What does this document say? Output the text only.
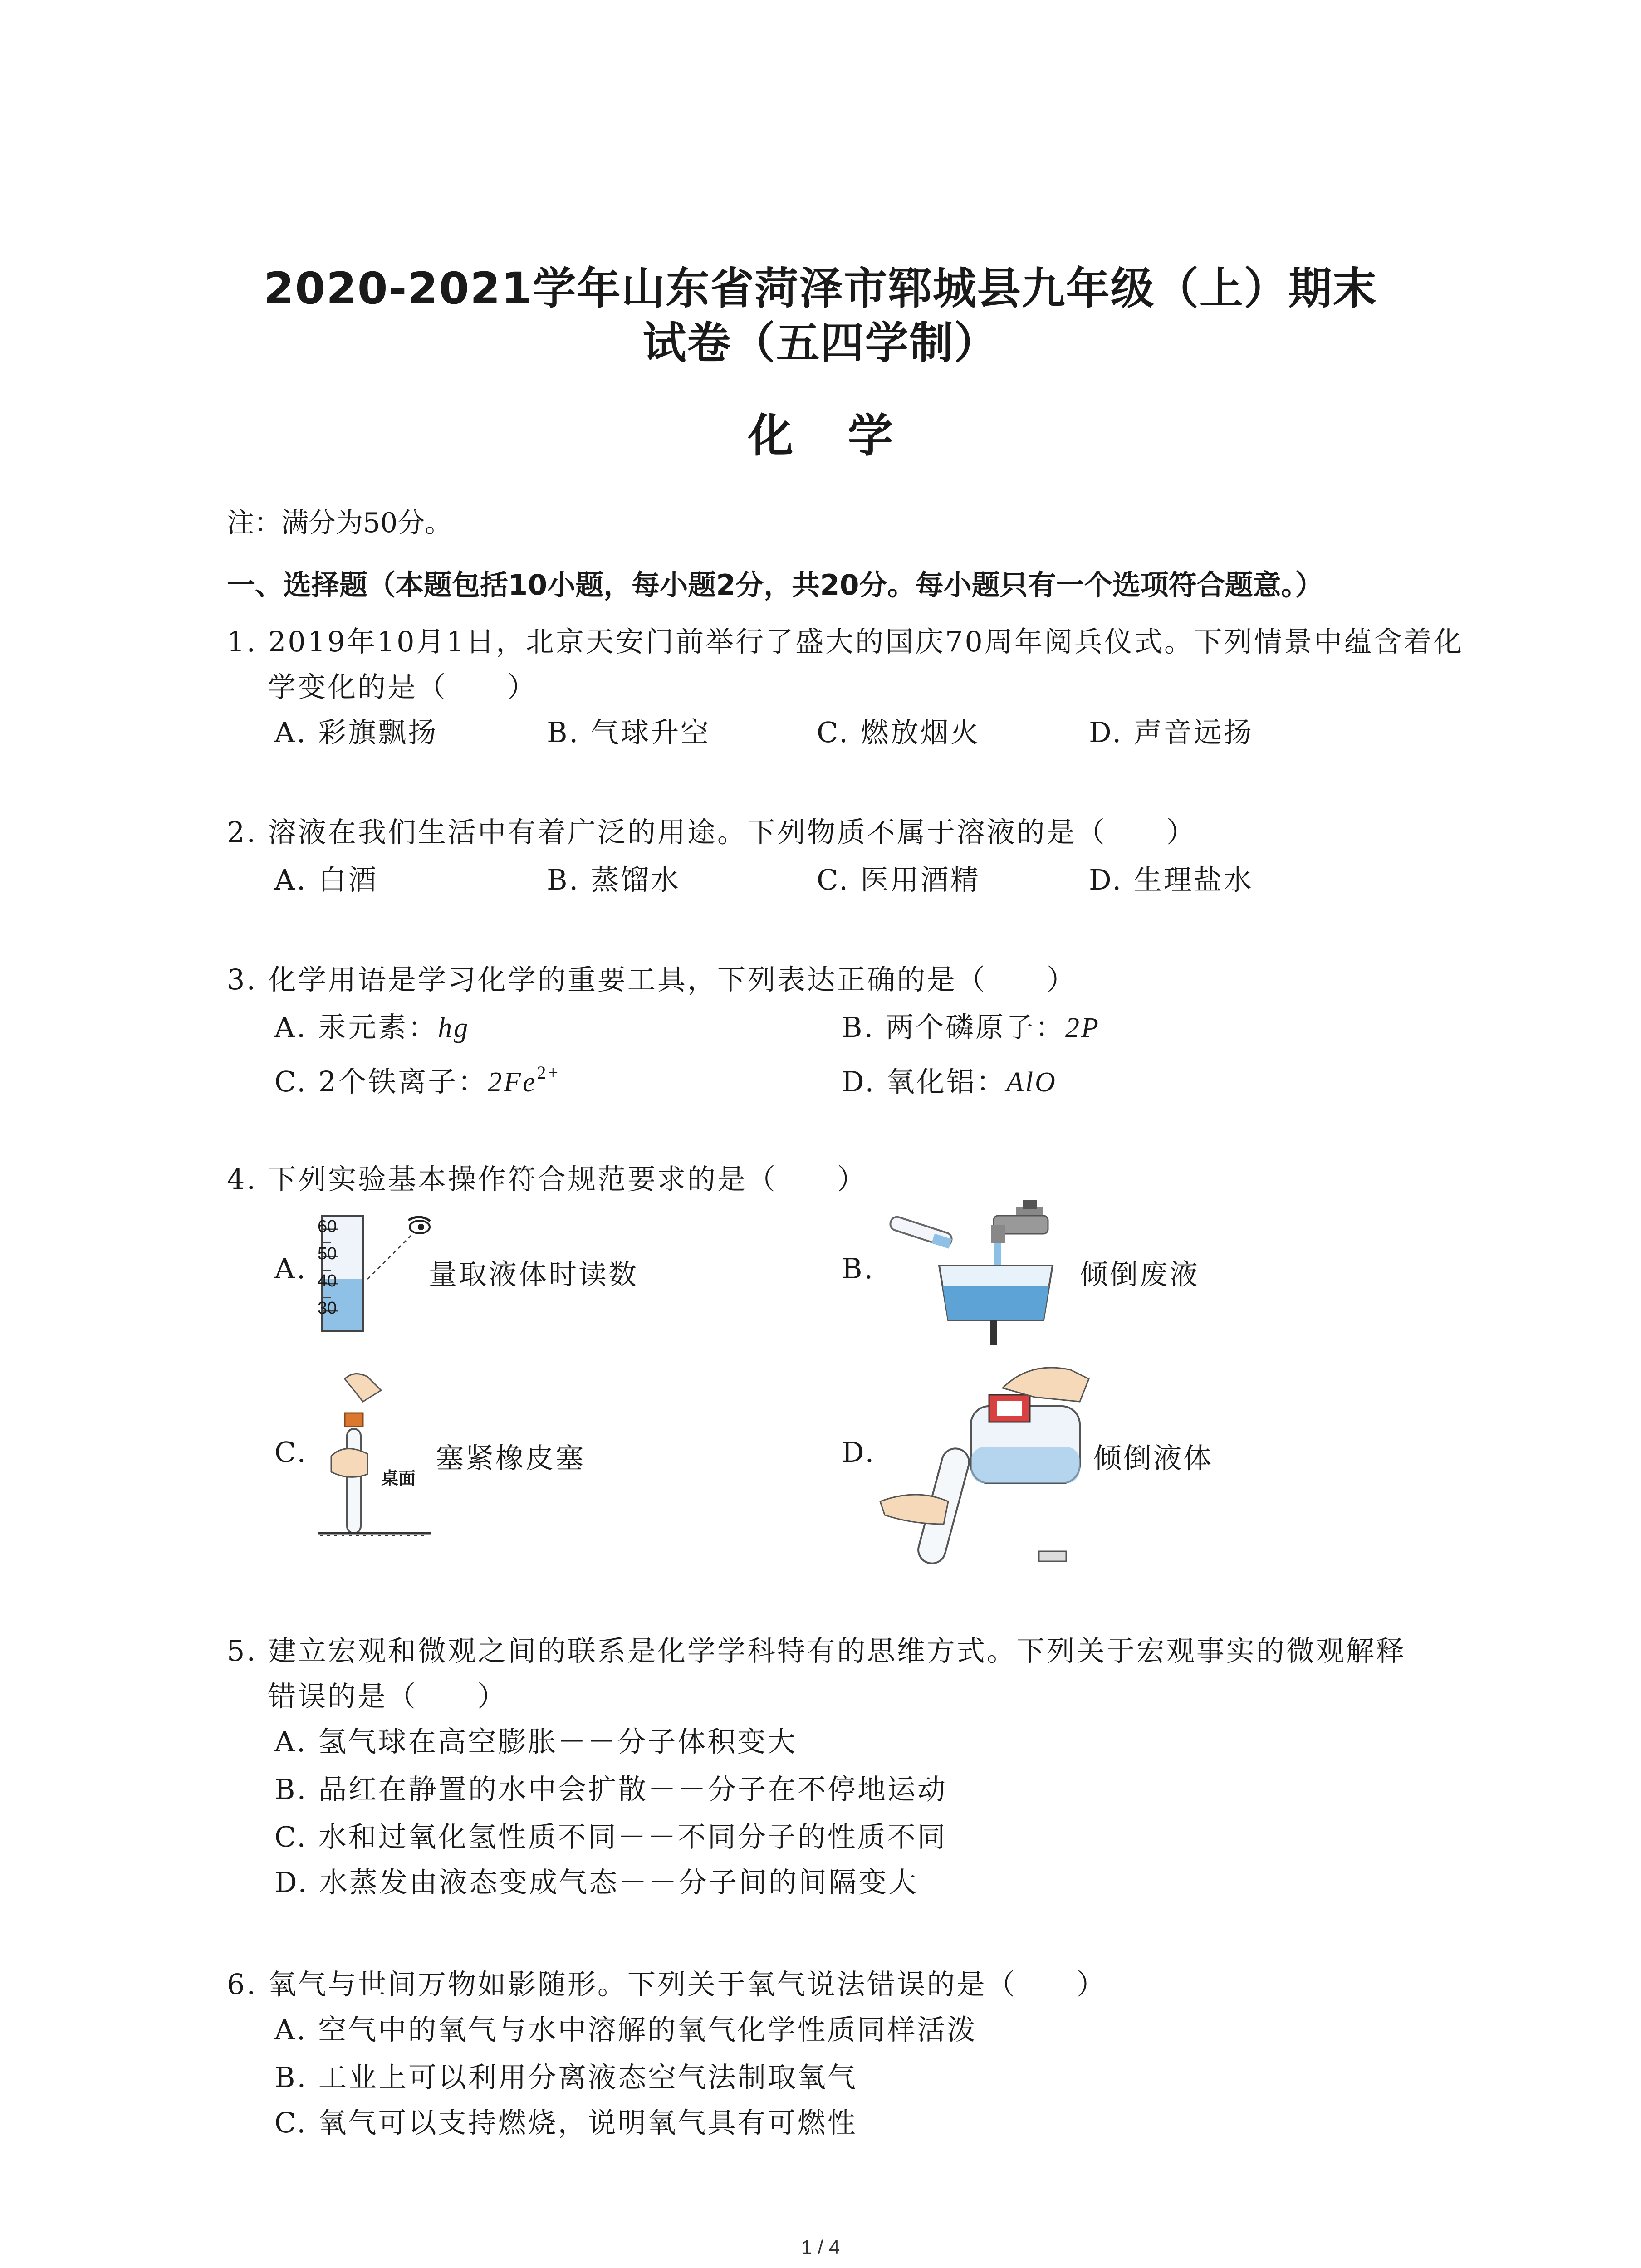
2020-2021学年山东省菏泽市郓城县九年级（上）期末
试卷（五四学制）
化学
注：满分为50分。
一、选择题（本题包括10小题，每小题2分，共20分。每小题只有一个选项符合题意。）
1. 2019年10月1日，北京天安门前举行了盛大的国庆70周年阅兵仪式。下列情景中蕴含着化
学变化的是（　　）
A. 彩旗飘扬	B. 气球升空	C. 燃放烟火	D. 声音远扬
2. 溶液在我们生活中有着广泛的用途。下列物质不属于溶液的是（　　）
A. 白酒	B. 蒸馏水	C. 医用酒精	D. 生理盐水
3. 化学用语是学习化学的重要工具，下列表达正确的是（　　）
A. 汞元素：hg	B. 两个磷原子：2P
C. 2个铁离子：$2Fe^{2+}$	D. 氧化铝：AlO
4. 下列实验基本操作符合规范要求的是（　　）
A.
60
50
40
30
量取液体时读数	B.	倾倒废液
C.
桌面
塞紧橡皮塞	D.	倾倒液体
5. 建立宏观和微观之间的联系是化学学科特有的思维方式。下列关于宏观事实的微观解释
错误的是（　　）
A. 氢气球在高空膨胀－－分子体积变大
B. 品红在静置的水中会扩散－－分子在不停地运动
C. 水和过氧化氢性质不同－－不同分子的性质不同
D. 水蒸发由液态变成气态－－分子间的间隔变大
6. 氧气与世间万物如影随形。下列关于氧气说法错误的是（　　）
A. 空气中的氧气与水中溶解的氧气化学性质同样活泼
B. 工业上可以利用分离液态空气法制取氧气
C. 氧气可以支持燃烧，说明氧气具有可燃性
1 / 4
